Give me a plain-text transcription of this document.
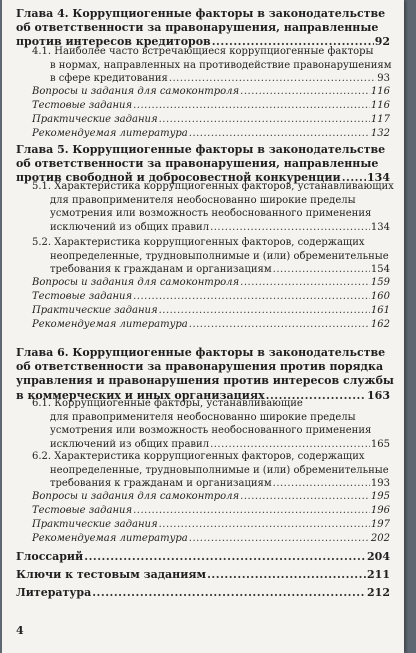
Глава 4. Коррупциогенные факторы в законодательстве
об ответственности за правонарушения, направленные
против интересов кредиторов .....	92
4.1. Наиболее часто встречающиеся коррупциогенные факторы
в нормах, направленных на противодействие правонарушениям
в сфере кредитования .....	93
Вопросы и задания для самоконтроля .....	116
Тестовые задания .....	116
Практические задания .....	117
Рекомендуемая литература .....	132
Глава 5. Коррупциогенные факторы в законодательстве
об ответственности за правонарушения, направленные
против свободной и добросовестной конкуренции ..... 134
5.1. Характеристика коррупциогенных факторов, устанавливающих
для правоприменителя необоснованно широкие пределы
усмотрения или возможность необоснованного применения
исключений из общих правил .....	134
5.2. Характеристика коррупциогенных факторов, содержащих
неопределенные, трудновыполнимые и (или) обременительные
требования к гражданам и организациям .....	154
Вопросы и задания для самоконтроля .....	159
Тестовые задания .....	160
Практические задания .....	161
Рекомендуемая литература .....	162
Глава 6. Коррупциогенные факторы в законодательстве
об ответственности за правонарушения против порядка
управления и правонарушения против интересов службы
в коммерческих и иных организациях .....	163
6.1. Коррупциогенные факторы, устанавливающие
для правоприменителя необоснованно широкие пределы
усмотрения или возможность необоснованного применения
исключений из общих правил .....	165
6.2. Характеристика коррупциогенных факторов, содержащих
неопределенные, трудновыполнимые и (или) обременительные
требования к гражданам и организациям .....	193
Вопросы и задания для самоконтроля .....	195
Тестовые задания .....	196
Практические задания .....	197
Рекомендуемая литература .....	202
Глоссарий .....	204
Ключи к тестовым заданиям .....	211
Литература .....	212
4
